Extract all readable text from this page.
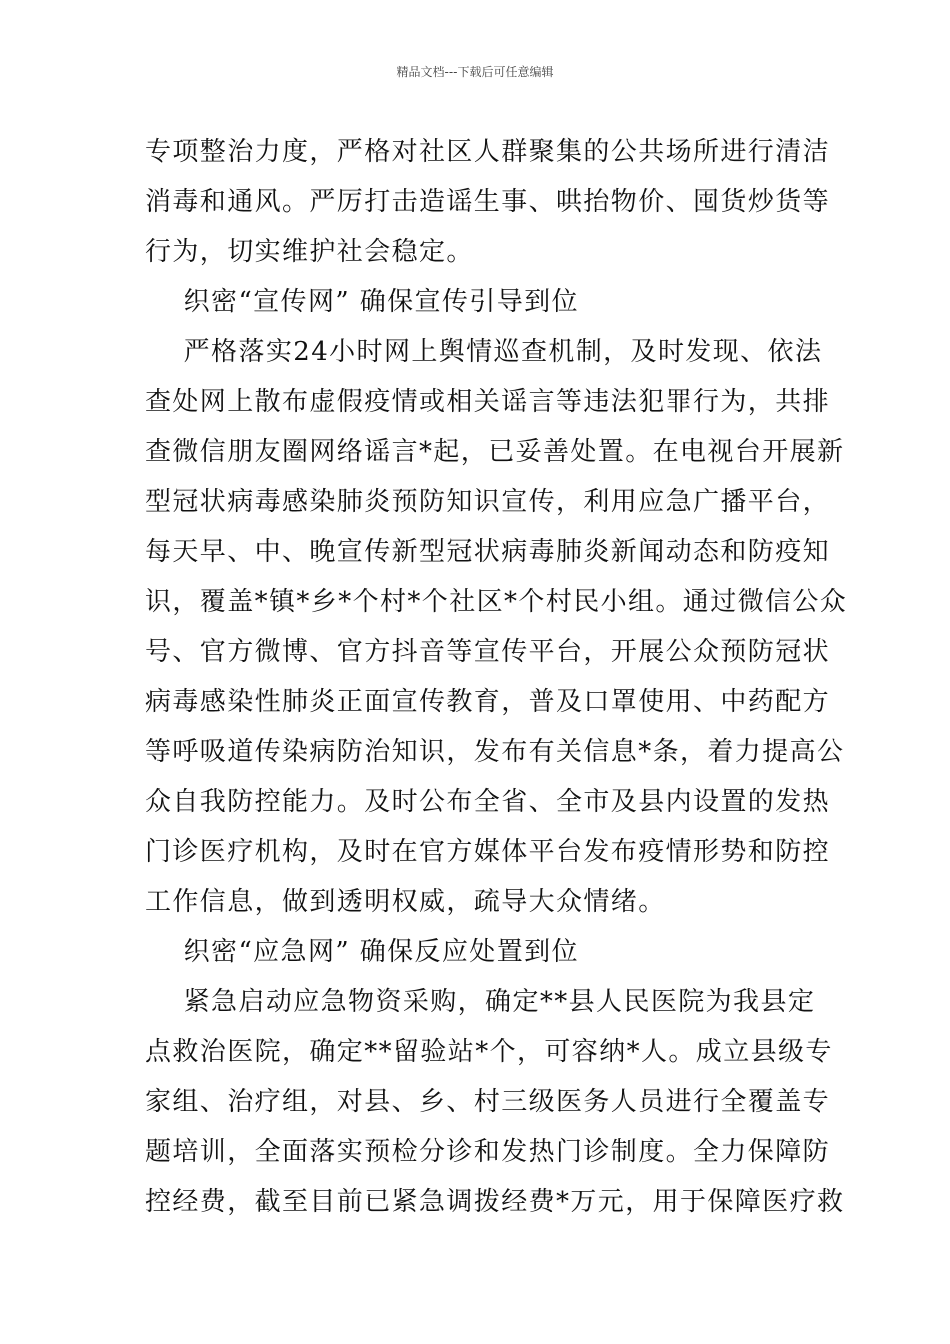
精品文档---下载后可任意编辑
专项整治力度，严格对社区人群聚集的公共场所进行清洁
消毒和通风。严厉打击造谣生事、哄抬物价、囤货炒货等
行为，切实维护社会稳定。
织密“宣传网” 确保宣传引导到位
严格落实24小时网上舆情巡查机制，及时发现、依法
查处网上散布虚假疫情或相关谣言等违法犯罪行为，共排
查微信朋友圈网络谣言*起，已妥善处置。在电视台开展新
型冠状病毒感染肺炎预防知识宣传，利用应急广播平台，
每天早、中、晚宣传新型冠状病毒肺炎新闻动态和防疫知
识，覆盖*镇*乡*个村*个社区*个村民小组。通过微信公众
号、官方微博、官方抖音等宣传平台，开展公众预防冠状
病毒感染性肺炎正面宣传教育，普及口罩使用、中药配方
等呼吸道传染病防治知识，发布有关信息*条，着力提高公
众自我防控能力。及时公布全省、全市及县内设置的发热
门诊医疗机构，及时在官方媒体平台发布疫情形势和防控
工作信息，做到透明权威，疏导大众情绪。
织密“应急网” 确保反应处置到位
紧急启动应急物资采购，确定**县人民医院为我县定
点救治医院，确定**留验站*个，可容纳*人。成立县级专
家组、治疗组，对县、乡、村三级医务人员进行全覆盖专
题培训，全面落实预检分诊和发热门诊制度。全力保障防
控经费，截至目前已紧急调拨经费*万元，用于保障医疗救
